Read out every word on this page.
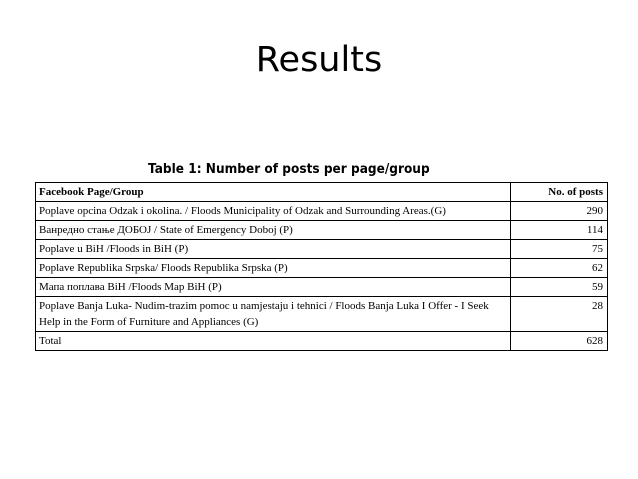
Results
Table 1: Number of posts per page/group
Facebook Page/Group	No. of posts
Poplave opcina Odzak i okolina. / Floods Municipality of Odzak and Surrounding Areas.(G)	290
Ванредно стање ДОБОЈ / State of Emergency Doboj (P)	114
Poplave u BiH /Floods in BiH (P)	75
Poplave Republika Srpska/ Floods Republika Srpska (P)	62
Мапа поплава BiH /Floods Map BiH (P)	59
Poplave Banja Luka- Nudim-trazim pomoc u namjestaju i tehnici / Floods Banja Luka I Offer - I Seek Help in the Form of Furniture and Appliances (G)	28
Total	628
